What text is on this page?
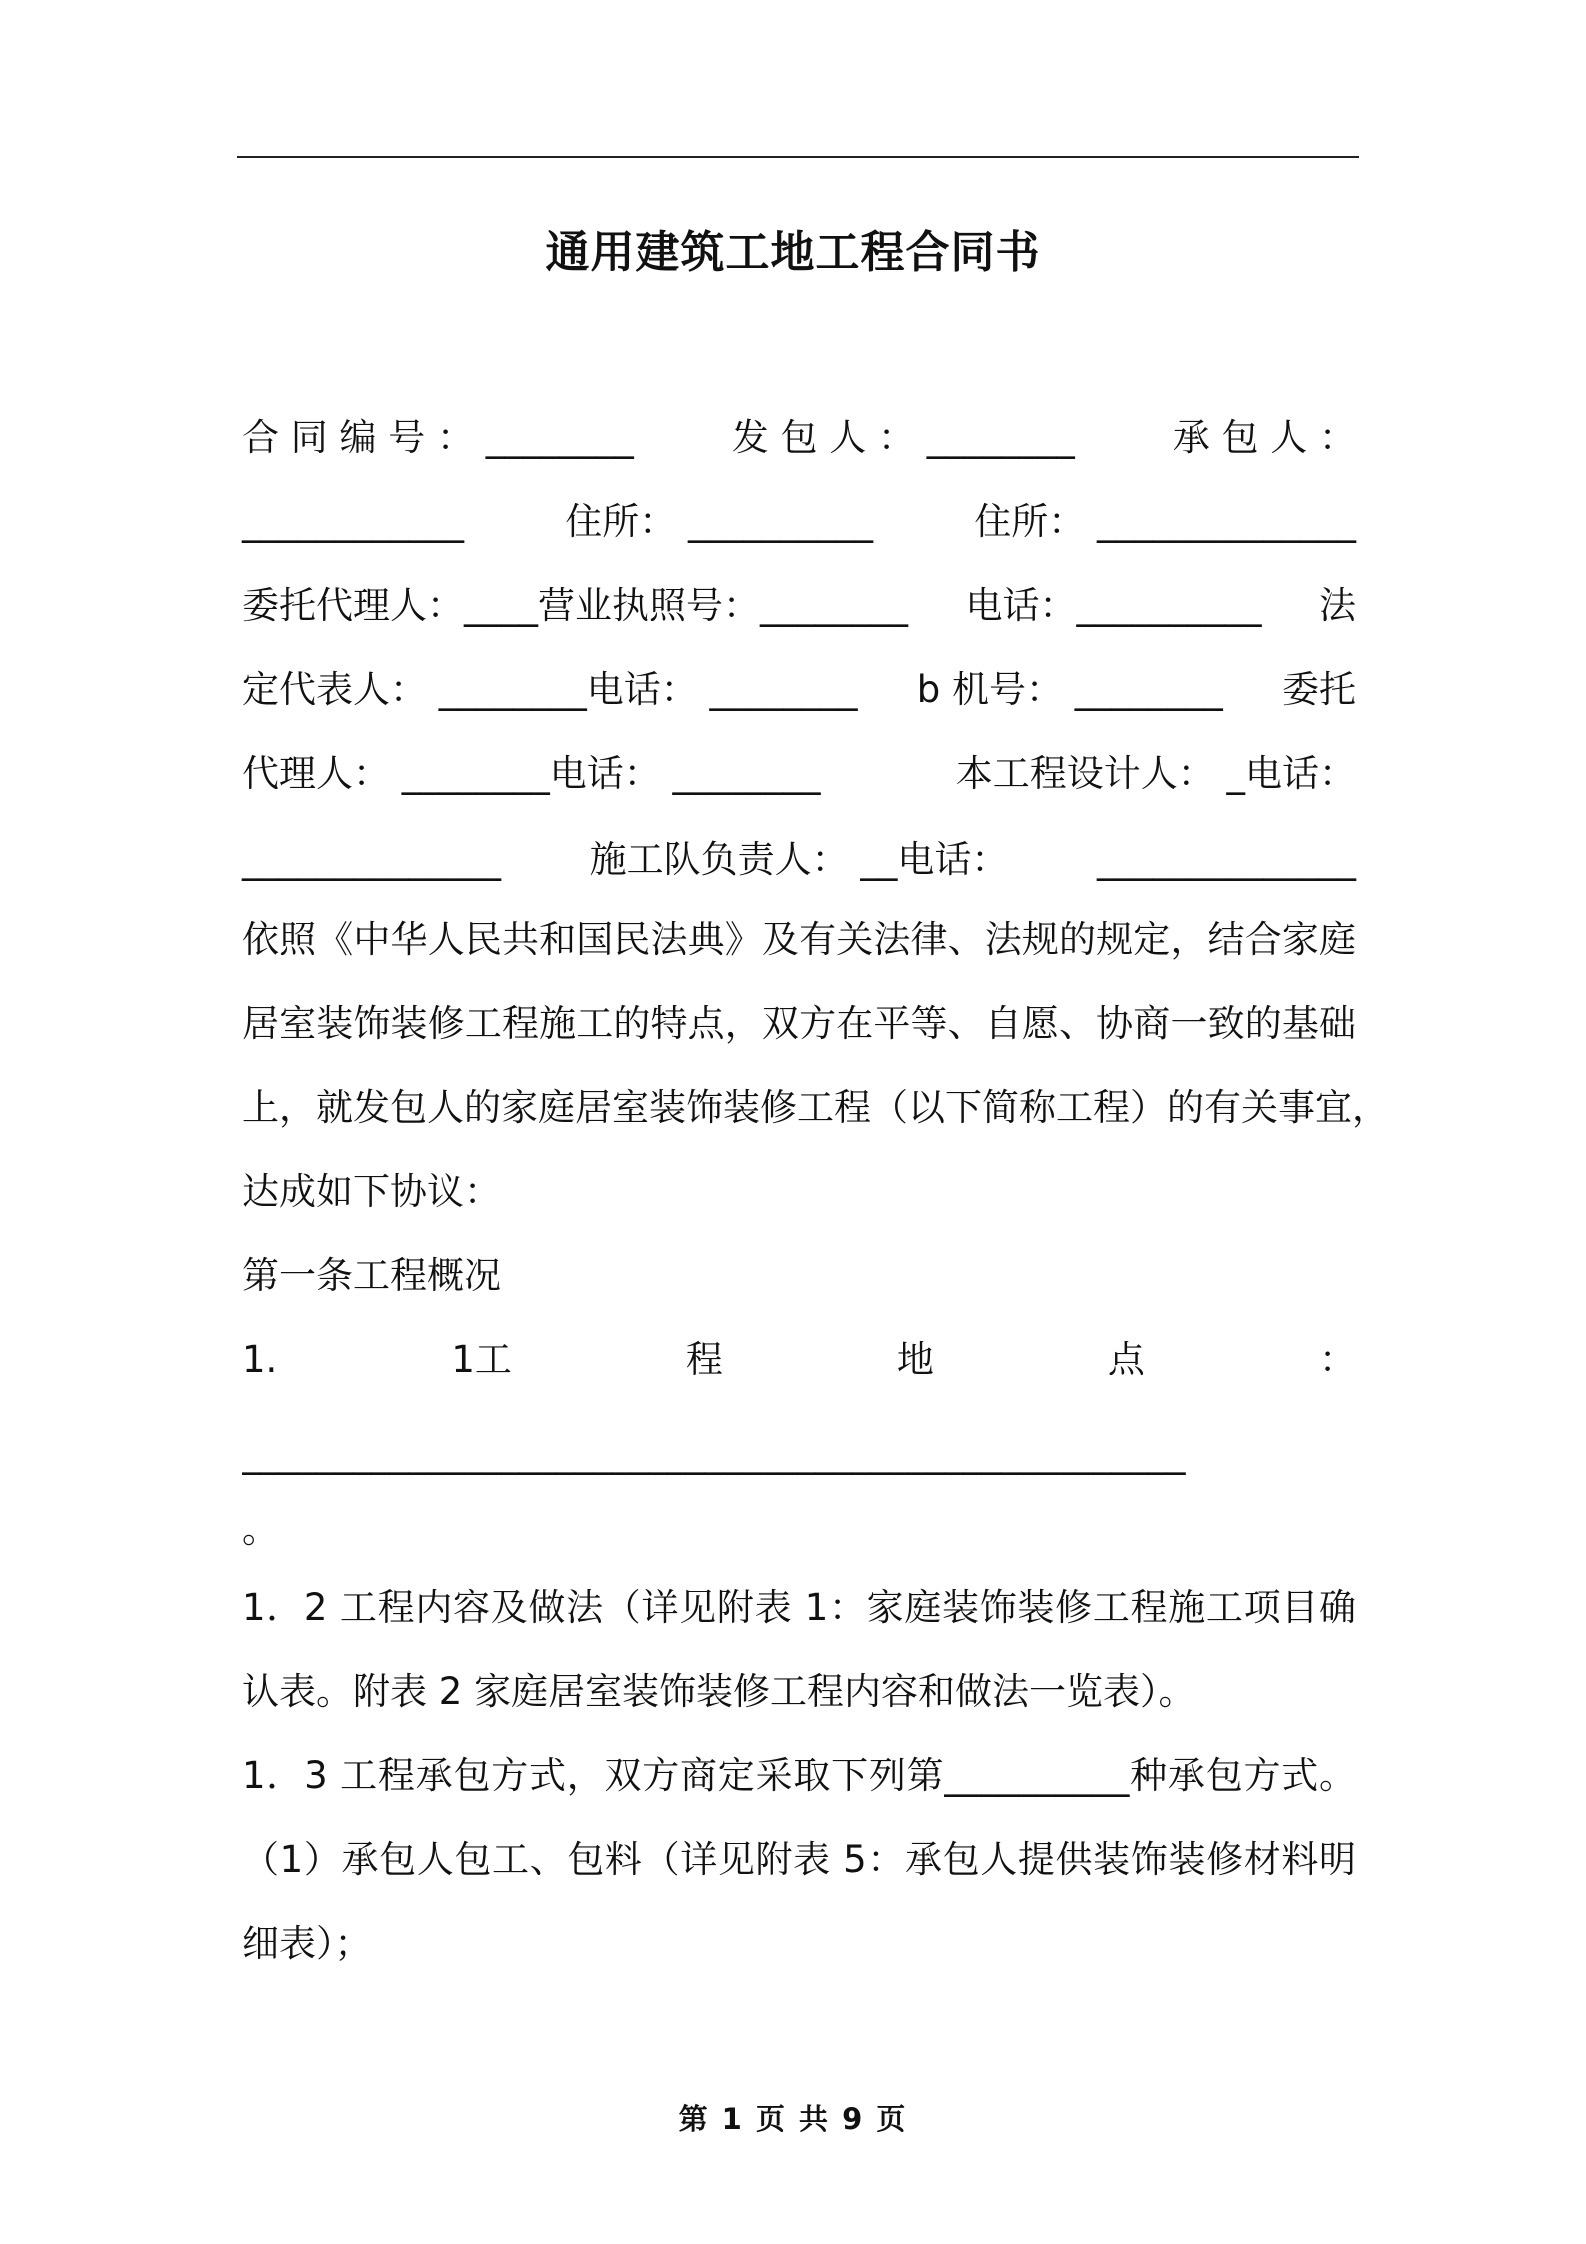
通用建筑工地工程合同书
合 同 编 号 ： ________	发 包 人 ： ________	承 包 人 ：
____________	住所： __________	住所： ______________
委托代理人：____营业执照号：________ 电话：__________ 法
定代表人： ________电话： ________ b 机号： ________ 委托
代理人： ________电话： ________	本工程设计人： _电话：
______________ 施工队负责人： __电话： ______________
依照《中华人民共和国民法典》及有关法律、法规的规定，结合家庭
居室装饰装修工程施工的特点，双方在平等、自愿、协商一致的基础
上，就发包人的家庭居室装饰装修工程（以下简称工程）的有关事宜，
达成如下协议：
第一条工程概况
1.	1工	程	地	点	：
___________________________________________________
。
1．2 工程内容及做法（详见附表 1：家庭装饰装修工程施工项目确
认表。附表 2 家庭居室装饰装修工程内容和做法一览表）。
1．3 工程承包方式，双方商定采取下列第__________种承包方式。
（1）承包人包工、包料（详见附表 5：承包人提供装饰装修材料明
细表）；
第 1 页 共 9 页
